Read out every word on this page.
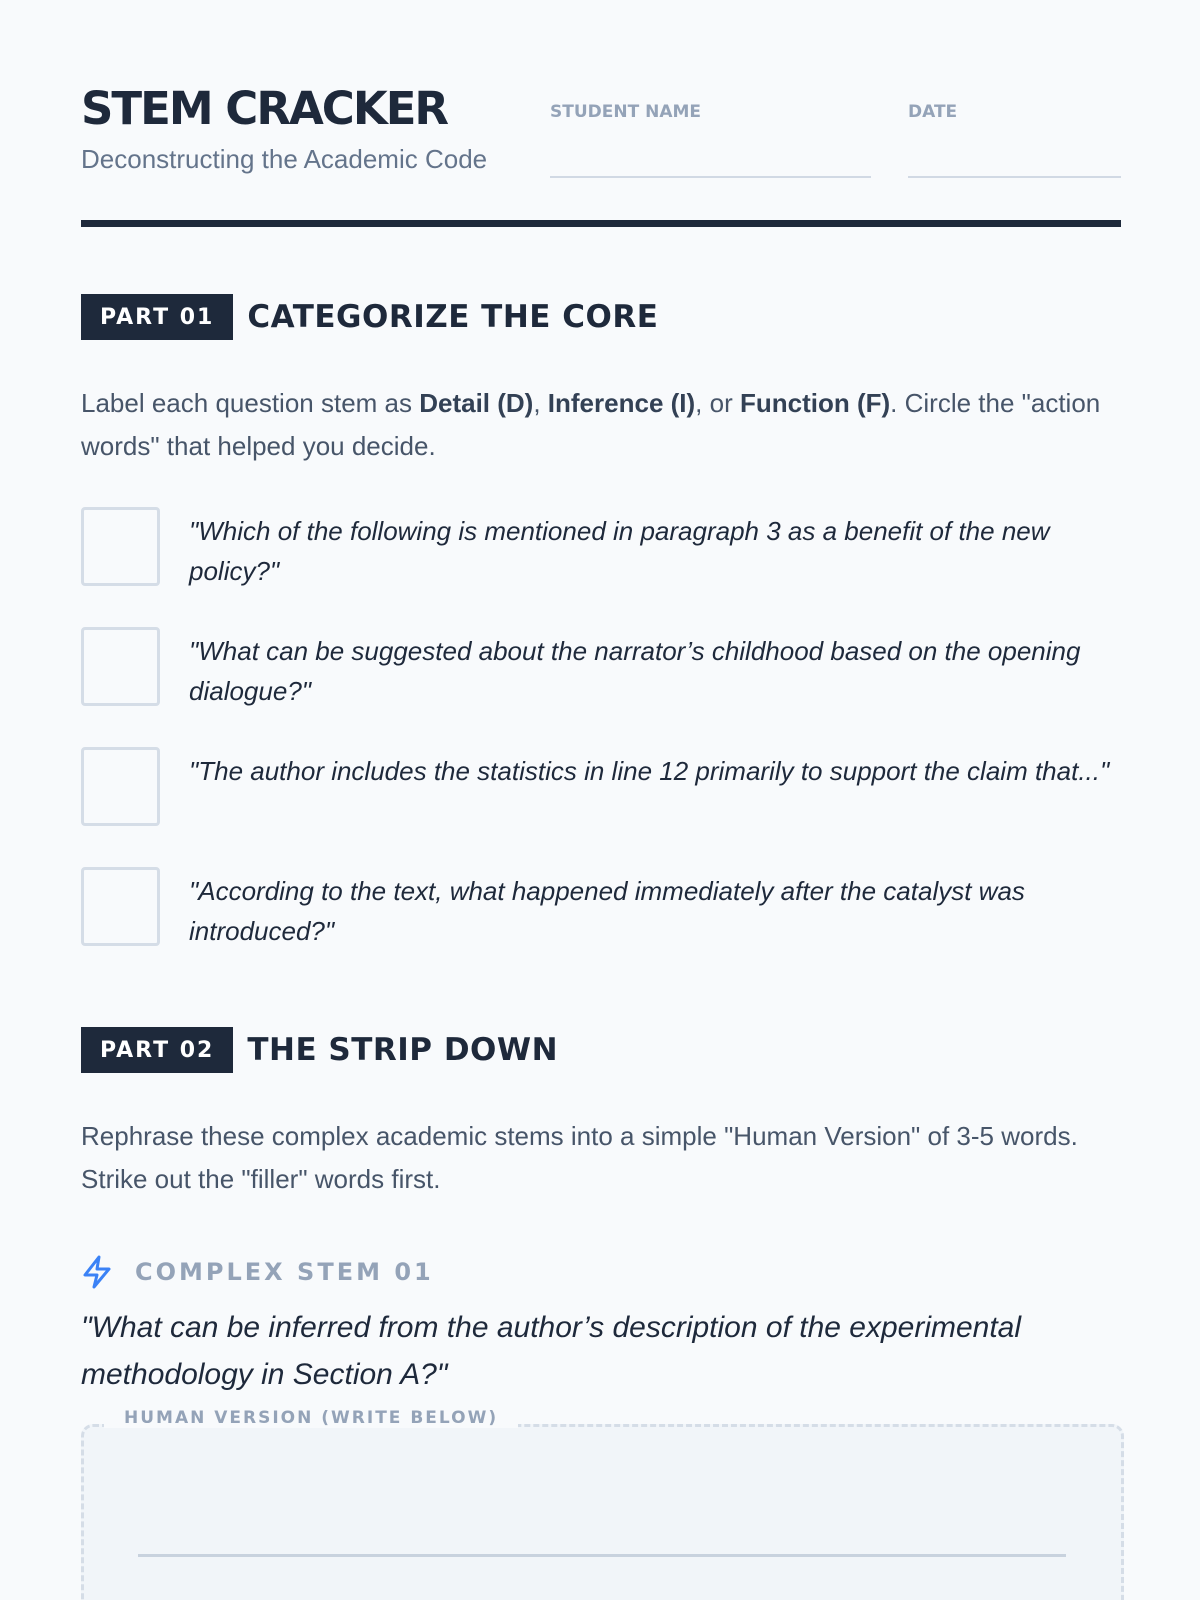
STEM CRACKER
Deconstructing the Academic Code
STUDENT NAME	DATE
PART 01	CATEGORIZE THE CORE
Label each question stem as Detail (D), Inference (I), or Function (F). Circle the "action words" that helped you decide.
"Which of the following is mentioned in paragraph 3 as a benefit of the new policy?"
"What can be suggested about the narrator’s childhood based on the opening dialogue?"
"The author includes the statistics in line 12 primarily to support the claim that..."
"According to the text, what happened immediately after the catalyst was introduced?"
PART 02	THE STRIP DOWN
Rephrase these complex academic stems into a simple "Human Version" of 3-5 words. Strike out the "filler" words first.
COMPLEX STEM 01
"What can be inferred from the author’s description of the experimental methodology in Section A?"
HUMAN VERSION (WRITE BELOW)
